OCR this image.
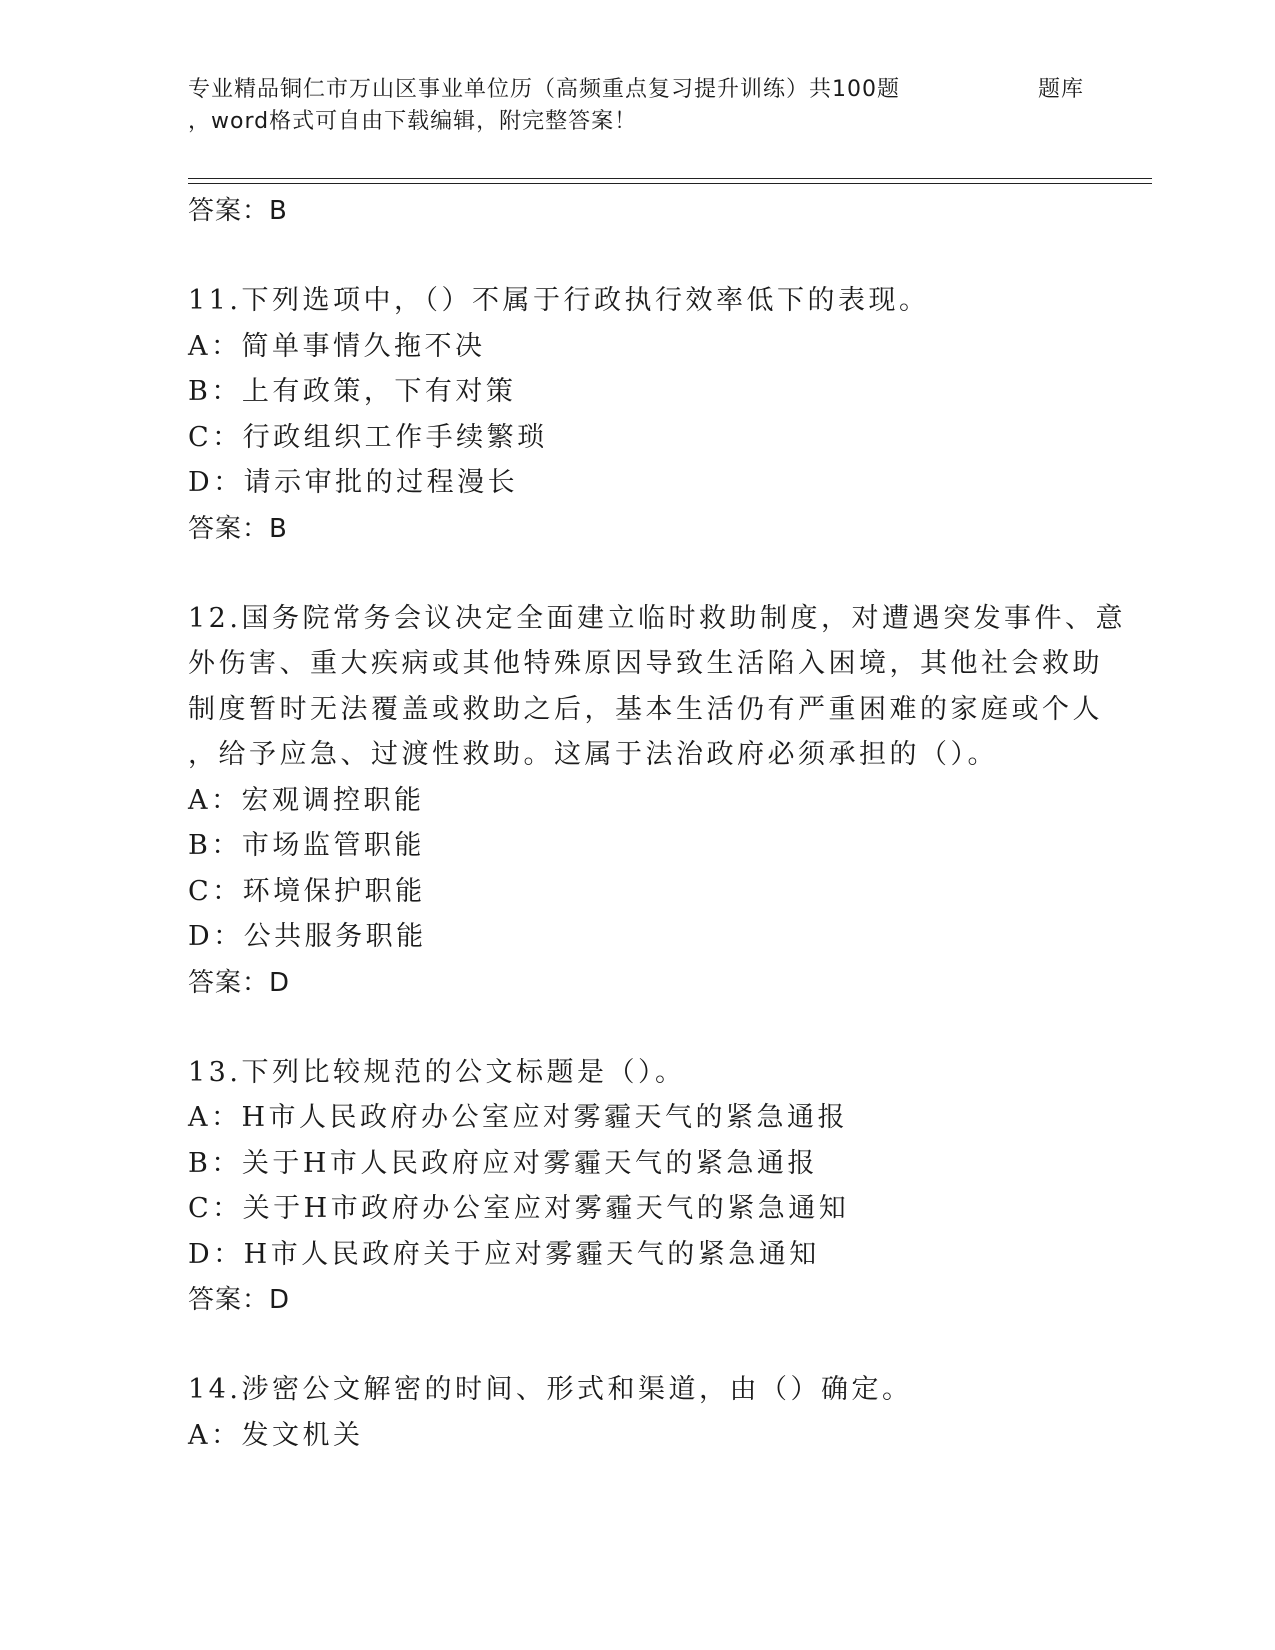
专业精品铜仁市万山区事业单位历（高频重点复习提升训练）共100题	题库
，word格式可自由下载编辑，附完整答案！
答案：B
11.下列选项中，（）不属于行政执行效率低下的表现。
A：简单事情久拖不决
B：上有政策，下有对策
C：行政组织工作手续繁琐
D：请示审批的过程漫长
答案：B
12.国务院常务会议决定全面建立临时救助制度，对遭遇突发事件、意
外伤害、重大疾病或其他特殊原因导致生活陷入困境，其他社会救助
制度暂时无法覆盖或救助之后，基本生活仍有严重困难的家庭或个人
，给予应急、过渡性救助。这属于法治政府必须承担的（）。
A：宏观调控职能
B：市场监管职能
C：环境保护职能
D：公共服务职能
答案：D
13.下列比较规范的公文标题是（）。
A：H市人民政府办公室应对雾霾天气的紧急通报
B：关于H市人民政府应对雾霾天气的紧急通报
C：关于H市政府办公室应对雾霾天气的紧急通知
D：H市人民政府关于应对雾霾天气的紧急通知
答案：D
14.涉密公文解密的时间、形式和渠道，由（）确定。
A：发文机关
